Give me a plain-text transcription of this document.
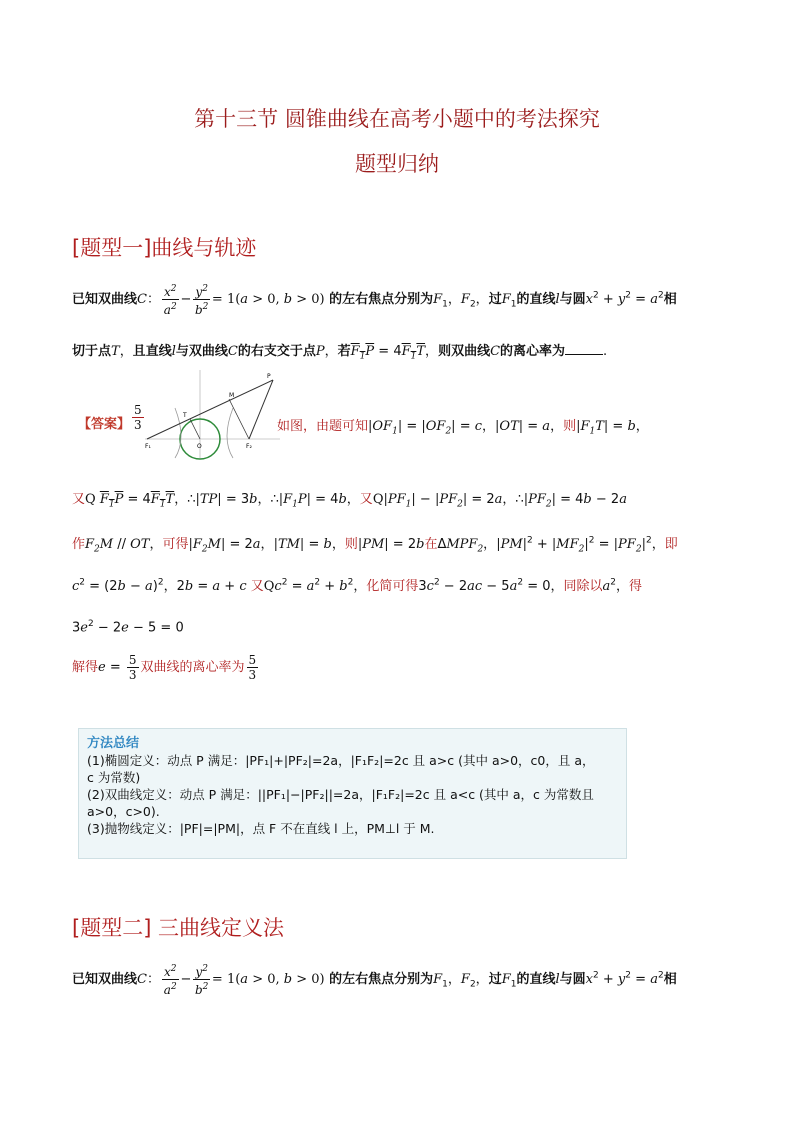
第十三节 圆锥曲线在高考小题中的考法探究
题型归纳
[题型一]曲线与轨迹
已知双曲线C： $\frac{x^2}{a^2} - \frac{y^2}{b^2} = 1(a > 0$, b > 0) 的左右焦点分别为$F_1$，$F_2$，过$F_1$的直线l与圆$x^2 + y^2 = a^2$相
切于点T，且直线l与双曲线C的右支交于点P，若$F_1P = 4F_1T$，则双曲线C的离心率为	.
【答案】 $\frac{5}{3}$	T
M
P
F₁	O	F₂
如图，由题可知$|OF_1| = |OF_2| = c$，|OT| = a，则$|F_1T| = b$，
又Q $F_1P = 4F_1T$，∴|TP| = 3b，$\therefore|F_1P| = 4b$，又$Q|PF_1| - |PF_2| = 2a$，$\therefore|PF_2| = 4b - 2a$
作$F_2M$ // OT，可得$|F_2M| = 2a$，|TM| = b，则|PM| = 2b在$\Delta MPF_2$，$|PM|^2 + |MF_2|^2 = |PF_2|^2$，即
$c^2 = (2b - a)^2$，2b = a + c 又$Qc^2 = a^2 + b^2$，化简可得$3c^2 - 2ac - 5a^2 = 0$，同除以$a^2$，得
$3e^2 - 2e - 5 = 0$
解得$e = \frac{5}{3}$ 双曲线的离心率为 $\frac{5}{3}$
方法总结
(1)椭圆定义：动点 P 满足：|PF₁|+|PF₂|=2a，|F₁F₂|=2c 且 a>c (其中 a>0，c0，且 a，
c 为常数)
(2)双曲线定义：动点 P 满足：||PF₁|−|PF₂||=2a，|F₁F₂|=2c 且 a<c (其中 a，c 为常数且
a>0，c>0).
(3)抛物线定义：|PF|=|PM|，点 F 不在直线 l 上，PM⊥l 于 M.
[题型二] 三曲线定义法
已知双曲线C： $\frac{x^2}{a^2} - \frac{y^2}{b^2} = 1(a > 0$, b > 0) 的左右焦点分别为$F_1$，$F_2$，过$F_1$的直线l与圆$x^2 + y^2 = a^2$相
